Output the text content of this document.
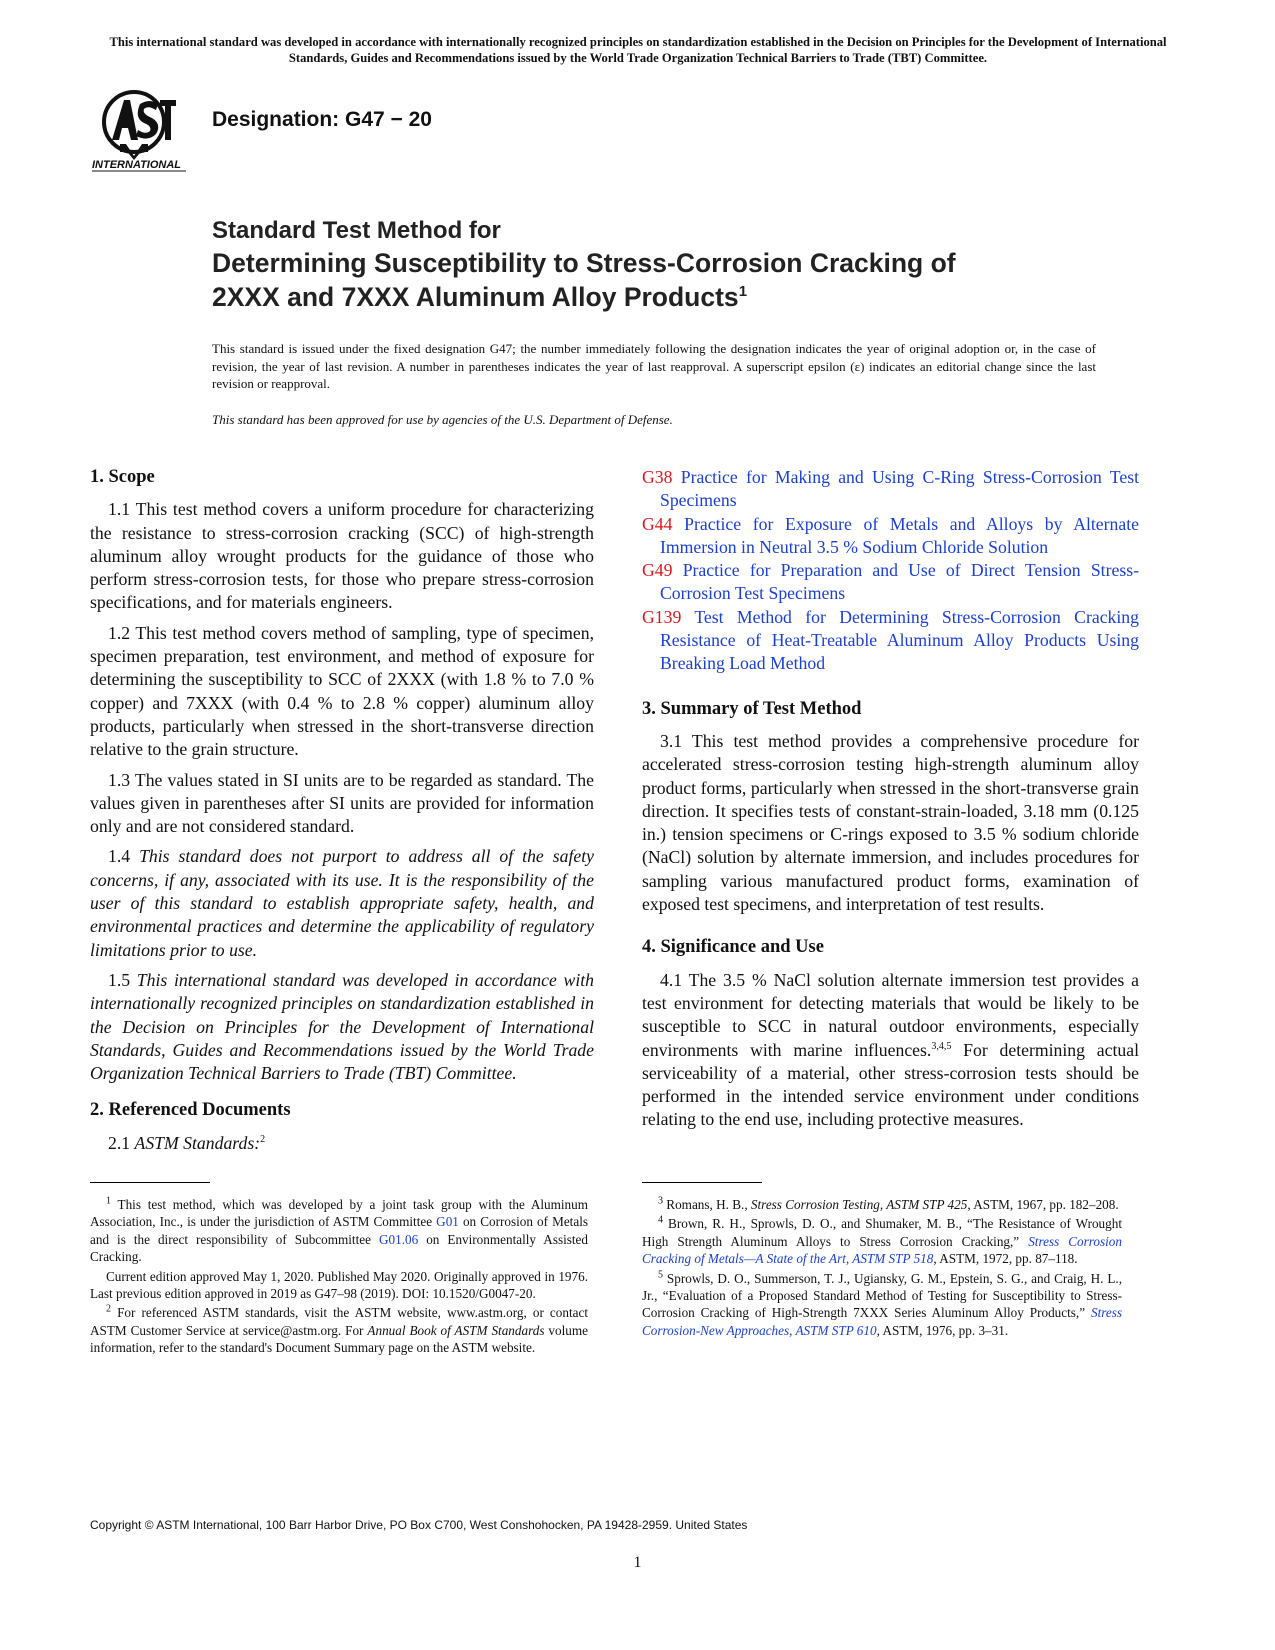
This international standard was developed in accordance with internationally recognized principles on standardization established in the Decision on Principles for the Development of International Standards, Guides and Recommendations issued by the World Trade Organization Technical Barriers to Trade (TBT) Committee.
INTERNATIONAL
Designation: G47 − 20
Standard Test Method for
Determining Susceptibility to Stress-Corrosion Cracking of
2XXX and 7XXX Aluminum Alloy Products$^1$
This standard is issued under the fixed designation G47; the number immediately following the designation indicates the year of original adoption or, in the case of revision, the year of last revision. A number in parentheses indicates the year of last reapproval. A superscript epsilon (ε) indicates an editorial change since the last revision or reapproval.
This standard has been approved for use by agencies of the U.S. Department of Defense.
1. Scope

1.1 This test method covers a uniform procedure for characterizing the resistance to stress-corrosion cracking (SCC) of high-strength aluminum alloy wrought products for the guidance of those who perform stress-corrosion tests, for those who prepare stress-corrosion specifications, and for materials engineers.

1.2 This test method covers method of sampling, type of specimen, specimen preparation, test environment, and method of exposure for determining the susceptibility to SCC of 2XXX (with 1.8 % to 7.0 % copper) and 7XXX (with 0.4 % to 2.8 % copper) aluminum alloy products, particularly when stressed in the short-transverse direction relative to the grain structure.

1.3 The values stated in SI units are to be regarded as standard. The values given in parentheses after SI units are provided for information only and are not considered standard.

1.4 This standard does not purport to address all of the safety concerns, if any, associated with its use. It is the responsibility of the user of this standard to establish appropriate safety, health, and environmental practices and determine the applicability of regulatory limitations prior to use.

1.5 This international standard was developed in accordance with internationally recognized principles on standardization established in the Decision on Principles for the Development of International Standards, Guides and Recommendations issued by the World Trade Organization Technical Barriers to Trade (TBT) Committee.

2. Referenced Documents

2.1 ASTM Standards:$^2$

G38 Practice for Making and Using C-Ring Stress-Corrosion Test Specimens
G44 Practice for Exposure of Metals and Alloys by Alternate Immersion in Neutral 3.5 % Sodium Chloride Solution
G49 Practice for Preparation and Use of Direct Tension Stress-Corrosion Test Specimens
G139 Test Method for Determining Stress-Corrosion Cracking Resistance of Heat-Treatable Aluminum Alloy Products Using Breaking Load Method
3. Summary of Test Method

3.1 This test method provides a comprehensive procedure for accelerated stress-corrosion testing high-strength aluminum alloy product forms, particularly when stressed in the short-transverse grain direction. It specifies tests of constant-strain-loaded, 3.18 mm (0.125 in.) tension specimens or C-rings exposed to 3.5 % sodium chloride (NaCl) solution by alternate immersion, and includes procedures for sampling various manufactured product forms, examination of exposed test specimens, and interpretation of test results.

4. Significance and Use

4.1 The 3.5 % NaCl solution alternate immersion test provides a test environment for detecting materials that would be likely to be susceptible to SCC in natural outdoor environments, especially environments with marine influences.$^{3,4,5}$ For determining actual serviceability of a material, other stress-corrosion tests should be performed in the intended service environment under conditions relating to the end use, including protective measures.

$^1$ This test method, which was developed by a joint task group with the Aluminum Association, Inc., is under the jurisdiction of ASTM Committee G01 on Corrosion of Metals and is the direct responsibility of Subcommittee G01.06 on Environmentally Assisted Cracking.

Current edition approved May 1, 2020. Published May 2020. Originally approved in 1976. Last previous edition approved in 2019 as G47–98 (2019). DOI: 10.1520/G0047-20.

$^2$ For referenced ASTM standards, visit the ASTM website, www.astm.org, or contact ASTM Customer Service at service@astm.org. For Annual Book of ASTM Standards volume information, refer to the standard's Document Summary page on the ASTM website.

$^3$ Romans, H. B., Stress Corrosion Testing, ASTM STP 425, ASTM, 1967, pp. 182–208.

$^4$ Brown, R. H., Sprowls, D. O., and Shumaker, M. B., “The Resistance of Wrought High Strength Aluminum Alloys to Stress Corrosion Cracking,” Stress Corrosion Cracking of Metals—A State of the Art, ASTM STP 518, ASTM, 1972, pp. 87–118.

$^5$ Sprowls, D. O., Summerson, T. J., Ugiansky, G. M., Epstein, S. G., and Craig, H. L., Jr., “Evaluation of a Proposed Standard Method of Testing for Susceptibility to Stress-Corrosion Cracking of High-Strength 7XXX Series Aluminum Alloy Products,” Stress Corrosion-New Approaches, ASTM STP 610, ASTM, 1976, pp. 3–31.

Copyright © ASTM International, 100 Barr Harbor Drive, PO Box C700, West Conshohocken, PA 19428-2959. United States
1
